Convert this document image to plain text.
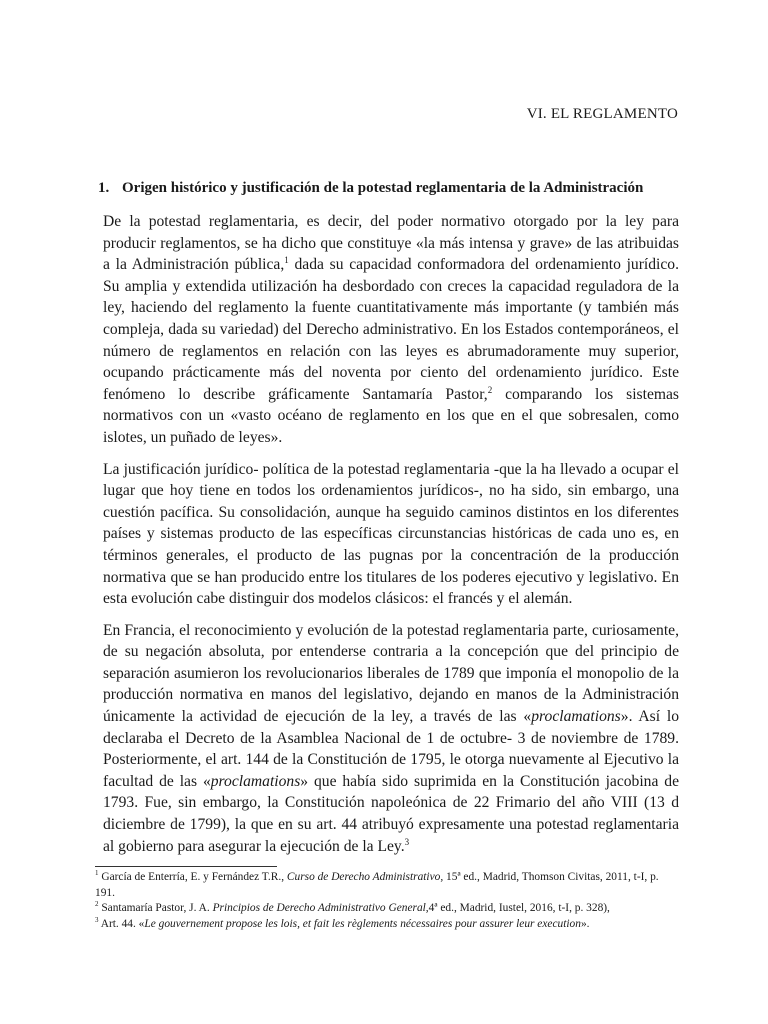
VI. EL REGLAMENTO
1. Origen histórico y justificación de la potestad reglamentaria de la Administración

De la potestad reglamentaria, es decir, del poder normativo otorgado por la ley para producir reglamentos, se ha dicho que constituye «la más intensa y grave» de las atribuidas a la Administración pública,$^1$ dada su capacidad conformadora del ordenamiento jurídico. Su amplia y extendida utilización ha desbordado con creces la capacidad reguladora de la ley, haciendo del reglamento la fuente cuantitativamente más importante (y también más compleja, dada su variedad) del Derecho administrativo. En los Estados contemporáneos, el número de reglamentos en relación con las leyes es abrumadoramente muy superior, ocupando prácticamente más del noventa por ciento del ordenamiento jurídico. Este fenómeno lo describe gráficamente Santamaría Pastor,$^2$ comparando los sistemas normativos con un «vasto océano de reglamento en los que en el que sobresalen, como islotes, un puñado de leyes».

La justificación jurídico- política de la potestad reglamentaria -que la ha llevado a ocupar el lugar que hoy tiene en todos los ordenamientos jurídicos-, no ha sido, sin embargo, una cuestión pacífica. Su consolidación, aunque ha seguido caminos distintos en los diferentes países y sistemas producto de las específicas circunstancias históricas de cada uno es, en términos generales, el producto de las pugnas por la concentración de la producción normativa que se han producido entre los titulares de los poderes ejecutivo y legislativo. En esta evolución cabe distinguir dos modelos clásicos: el francés y el alemán.

En Francia, el reconocimiento y evolución de la potestad reglamentaria parte, curiosamente, de su negación absoluta, por entenderse contraria a la concepción que del principio de separación asumieron los revolucionarios liberales de 1789 que imponía el monopolio de la producción normativa en manos del legislativo, dejando en manos de la Administración únicamente la actividad de ejecución de la ley, a través de las «proclamations». Así lo declaraba el Decreto de la Asamblea Nacional de 1 de octubre- 3 de noviembre de 1789. Posteriormente, el art. 144 de la Constitución de 1795, le otorga nuevamente al Ejecutivo la facultad de las «proclamations» que había sido suprimida en la Constitución jacobina de 1793. Fue, sin embargo, la Constitución napoleónica de 22 Frimario del año VIII (13 d diciembre de 1799), la que en su art. 44 atribuyó expresamente una potestad reglamentaria al gobierno para asegurar la ejecución de la Ley.$^3$

$^1$ García de Enterría, E. y Fernández T.R., Curso de Derecho Administrativo, 15ª ed., Madrid, Thomson Civitas, 2011, t-I, p. 191.
$^2$ Santamaría Pastor, J. A. Principios de Derecho Administrativo General,4ª ed., Madrid, Iustel, 2016, t-I, p. 328),
$^3$ Art. 44. «Le gouvernement propose les lois, et fait les règlements nécessaires pour assurer leur execution».
